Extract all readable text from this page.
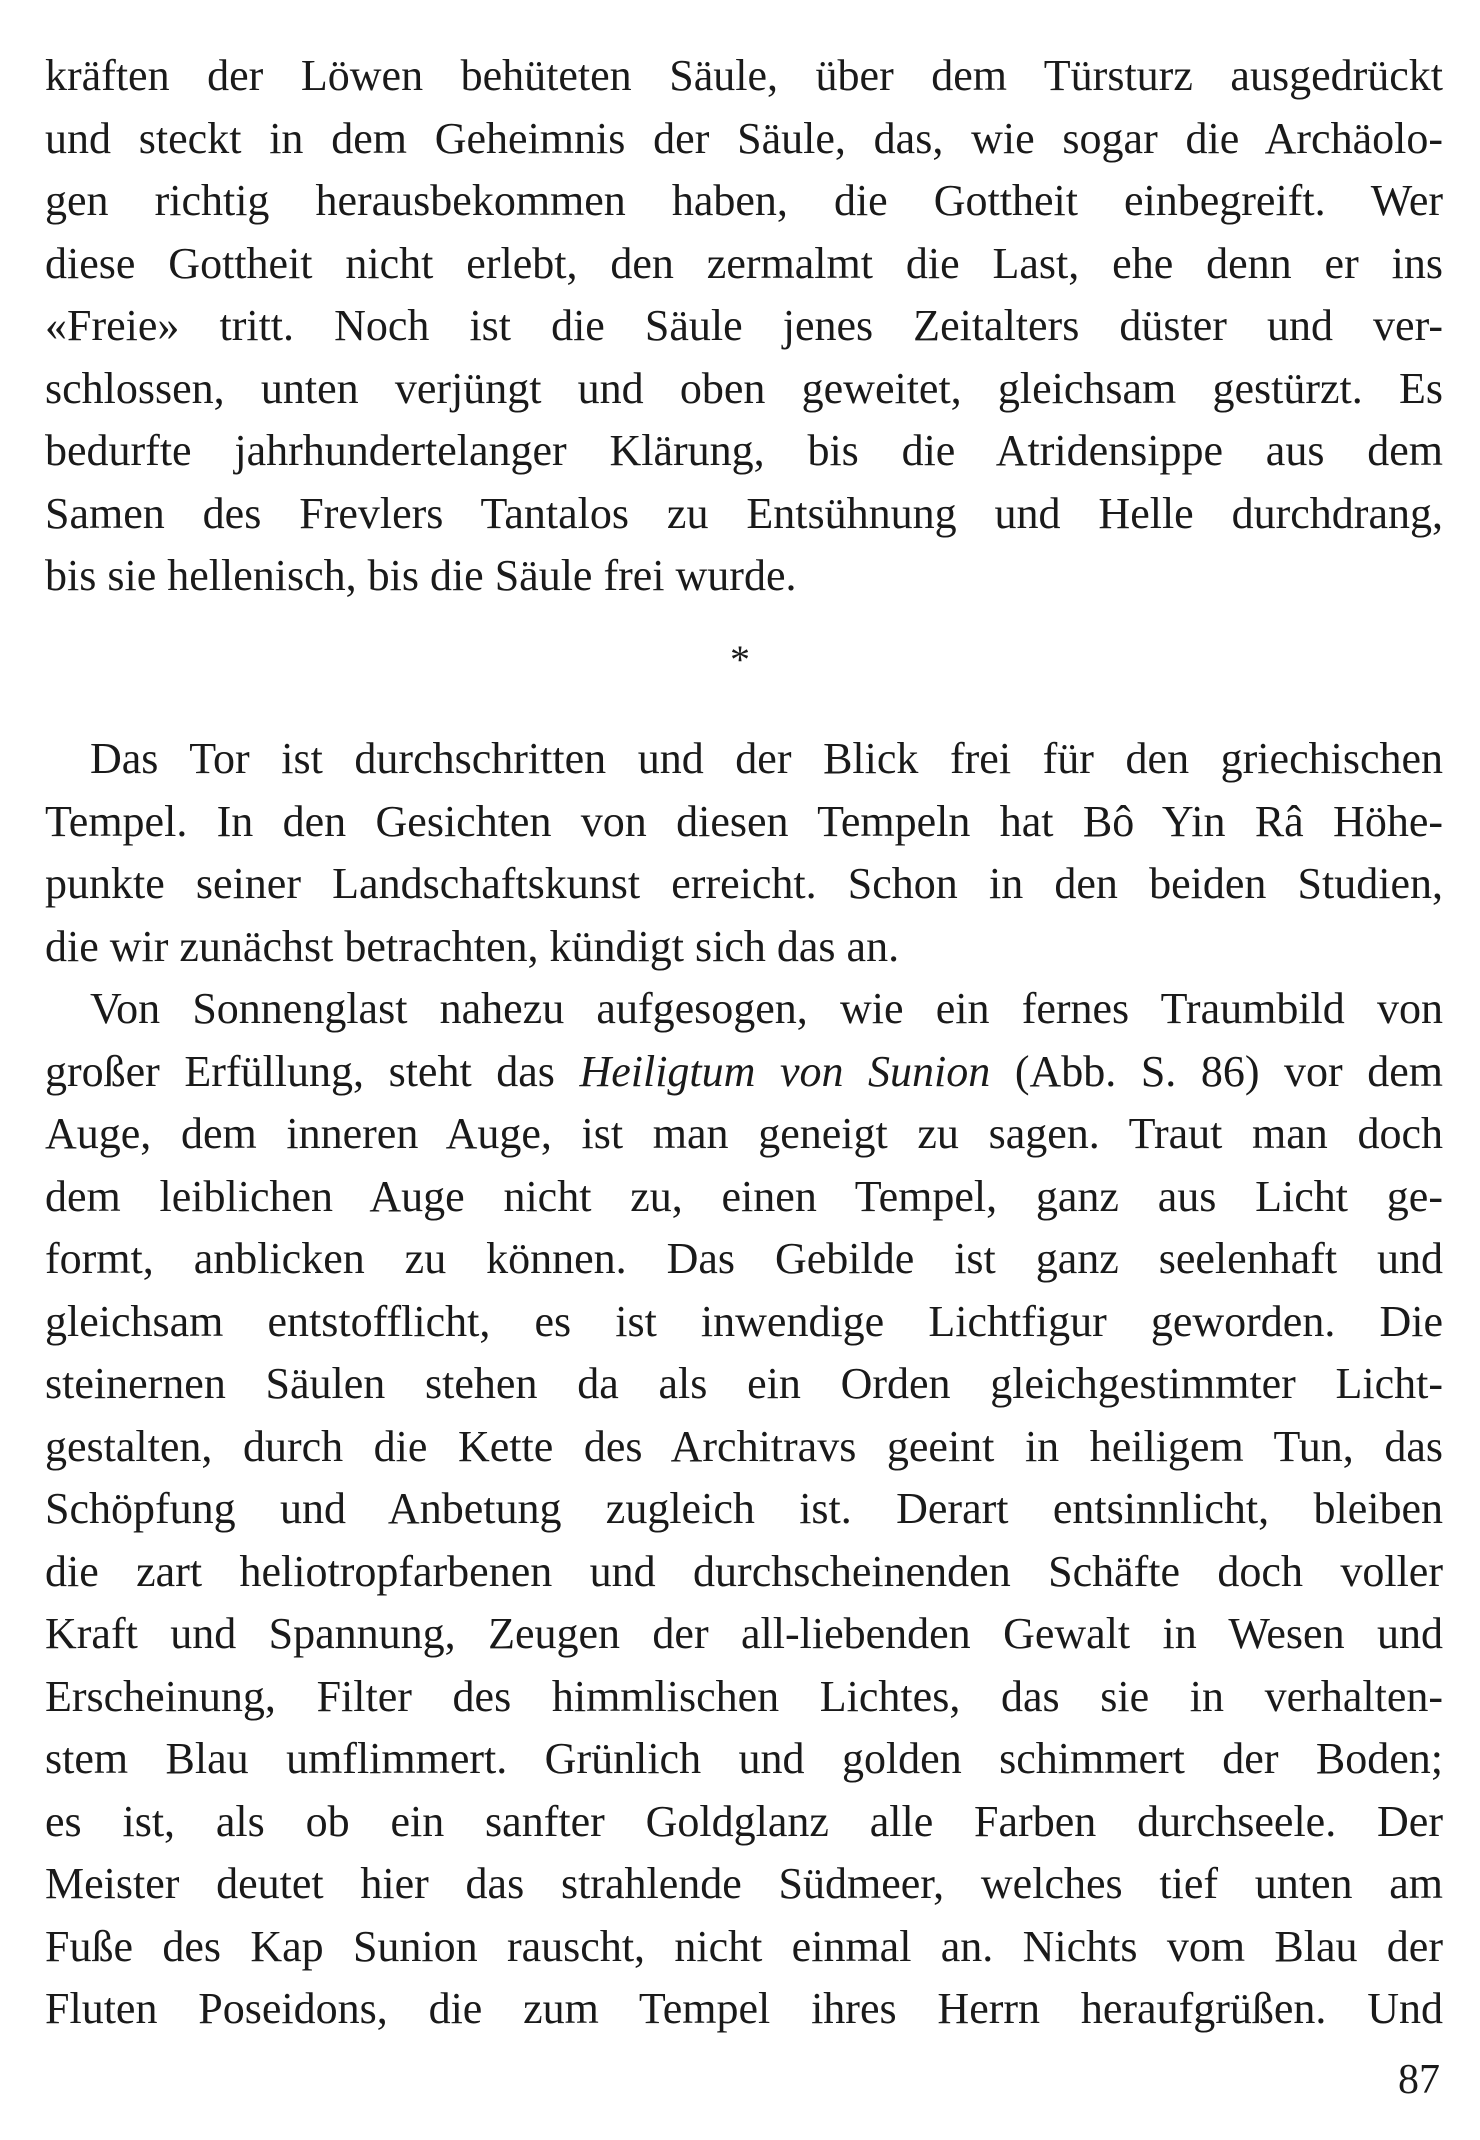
kräften der Löwen behüteten Säule, über dem Türsturz ausgedrückt
und steckt in dem Geheimnis der Säule, das, wie sogar die Archäolo-
gen richtig herausbekommen haben, die Gottheit einbegreift. Wer
diese Gottheit nicht erlebt, den zermalmt die Last, ehe denn er ins
«Freie» tritt. Noch ist die Säule jenes Zeitalters düster und ver-
schlossen, unten verjüngt und oben geweitet, gleichsam gestürzt. Es
bedurfte jahrhundertelanger Klärung, bis die Atridensippe aus dem
Samen des Frevlers Tantalos zu Entsühnung und Helle durchdrang,
bis sie hellenisch, bis die Säule frei wurde.
*
Das Tor ist durchschritten und der Blick frei für den griechischen
Tempel. In den Gesichten von diesen Tempeln hat Bô Yin Râ Höhe-
punkte seiner Landschaftskunst erreicht. Schon in den beiden Studien,
die wir zunächst betrachten, kündigt sich das an.
Von Sonnenglast nahezu aufgesogen, wie ein fernes Traumbild von
großer Erfüllung, steht das Heiligtum von Sunion (Abb. S. 86) vor dem
Auge, dem inneren Auge, ist man geneigt zu sagen. Traut man doch
dem leiblichen Auge nicht zu, einen Tempel, ganz aus Licht ge-
formt, anblicken zu können. Das Gebilde ist ganz seelenhaft und
gleichsam entstofflicht, es ist inwendige Lichtfigur geworden. Die
steinernen Säulen stehen da als ein Orden gleichgestimmter Licht-
gestalten, durch die Kette des Architravs geeint in heiligem Tun, das
Schöpfung und Anbetung zugleich ist. Derart entsinnlicht, bleiben
die zart heliotropfarbenen und durchscheinenden Schäfte doch voller
Kraft und Spannung, Zeugen der all-liebenden Gewalt in Wesen und
Erscheinung, Filter des himmlischen Lichtes, das sie in verhalten-
stem Blau umflimmert. Grünlich und golden schimmert der Boden;
es ist, als ob ein sanfter Goldglanz alle Farben durchseele. Der
Meister deutet hier das strahlende Südmeer, welches tief unten am
Fuße des Kap Sunion rauscht, nicht einmal an. Nichts vom Blau der
Fluten Poseidons, die zum Tempel ihres Herrn heraufgrüßen. Und
87
